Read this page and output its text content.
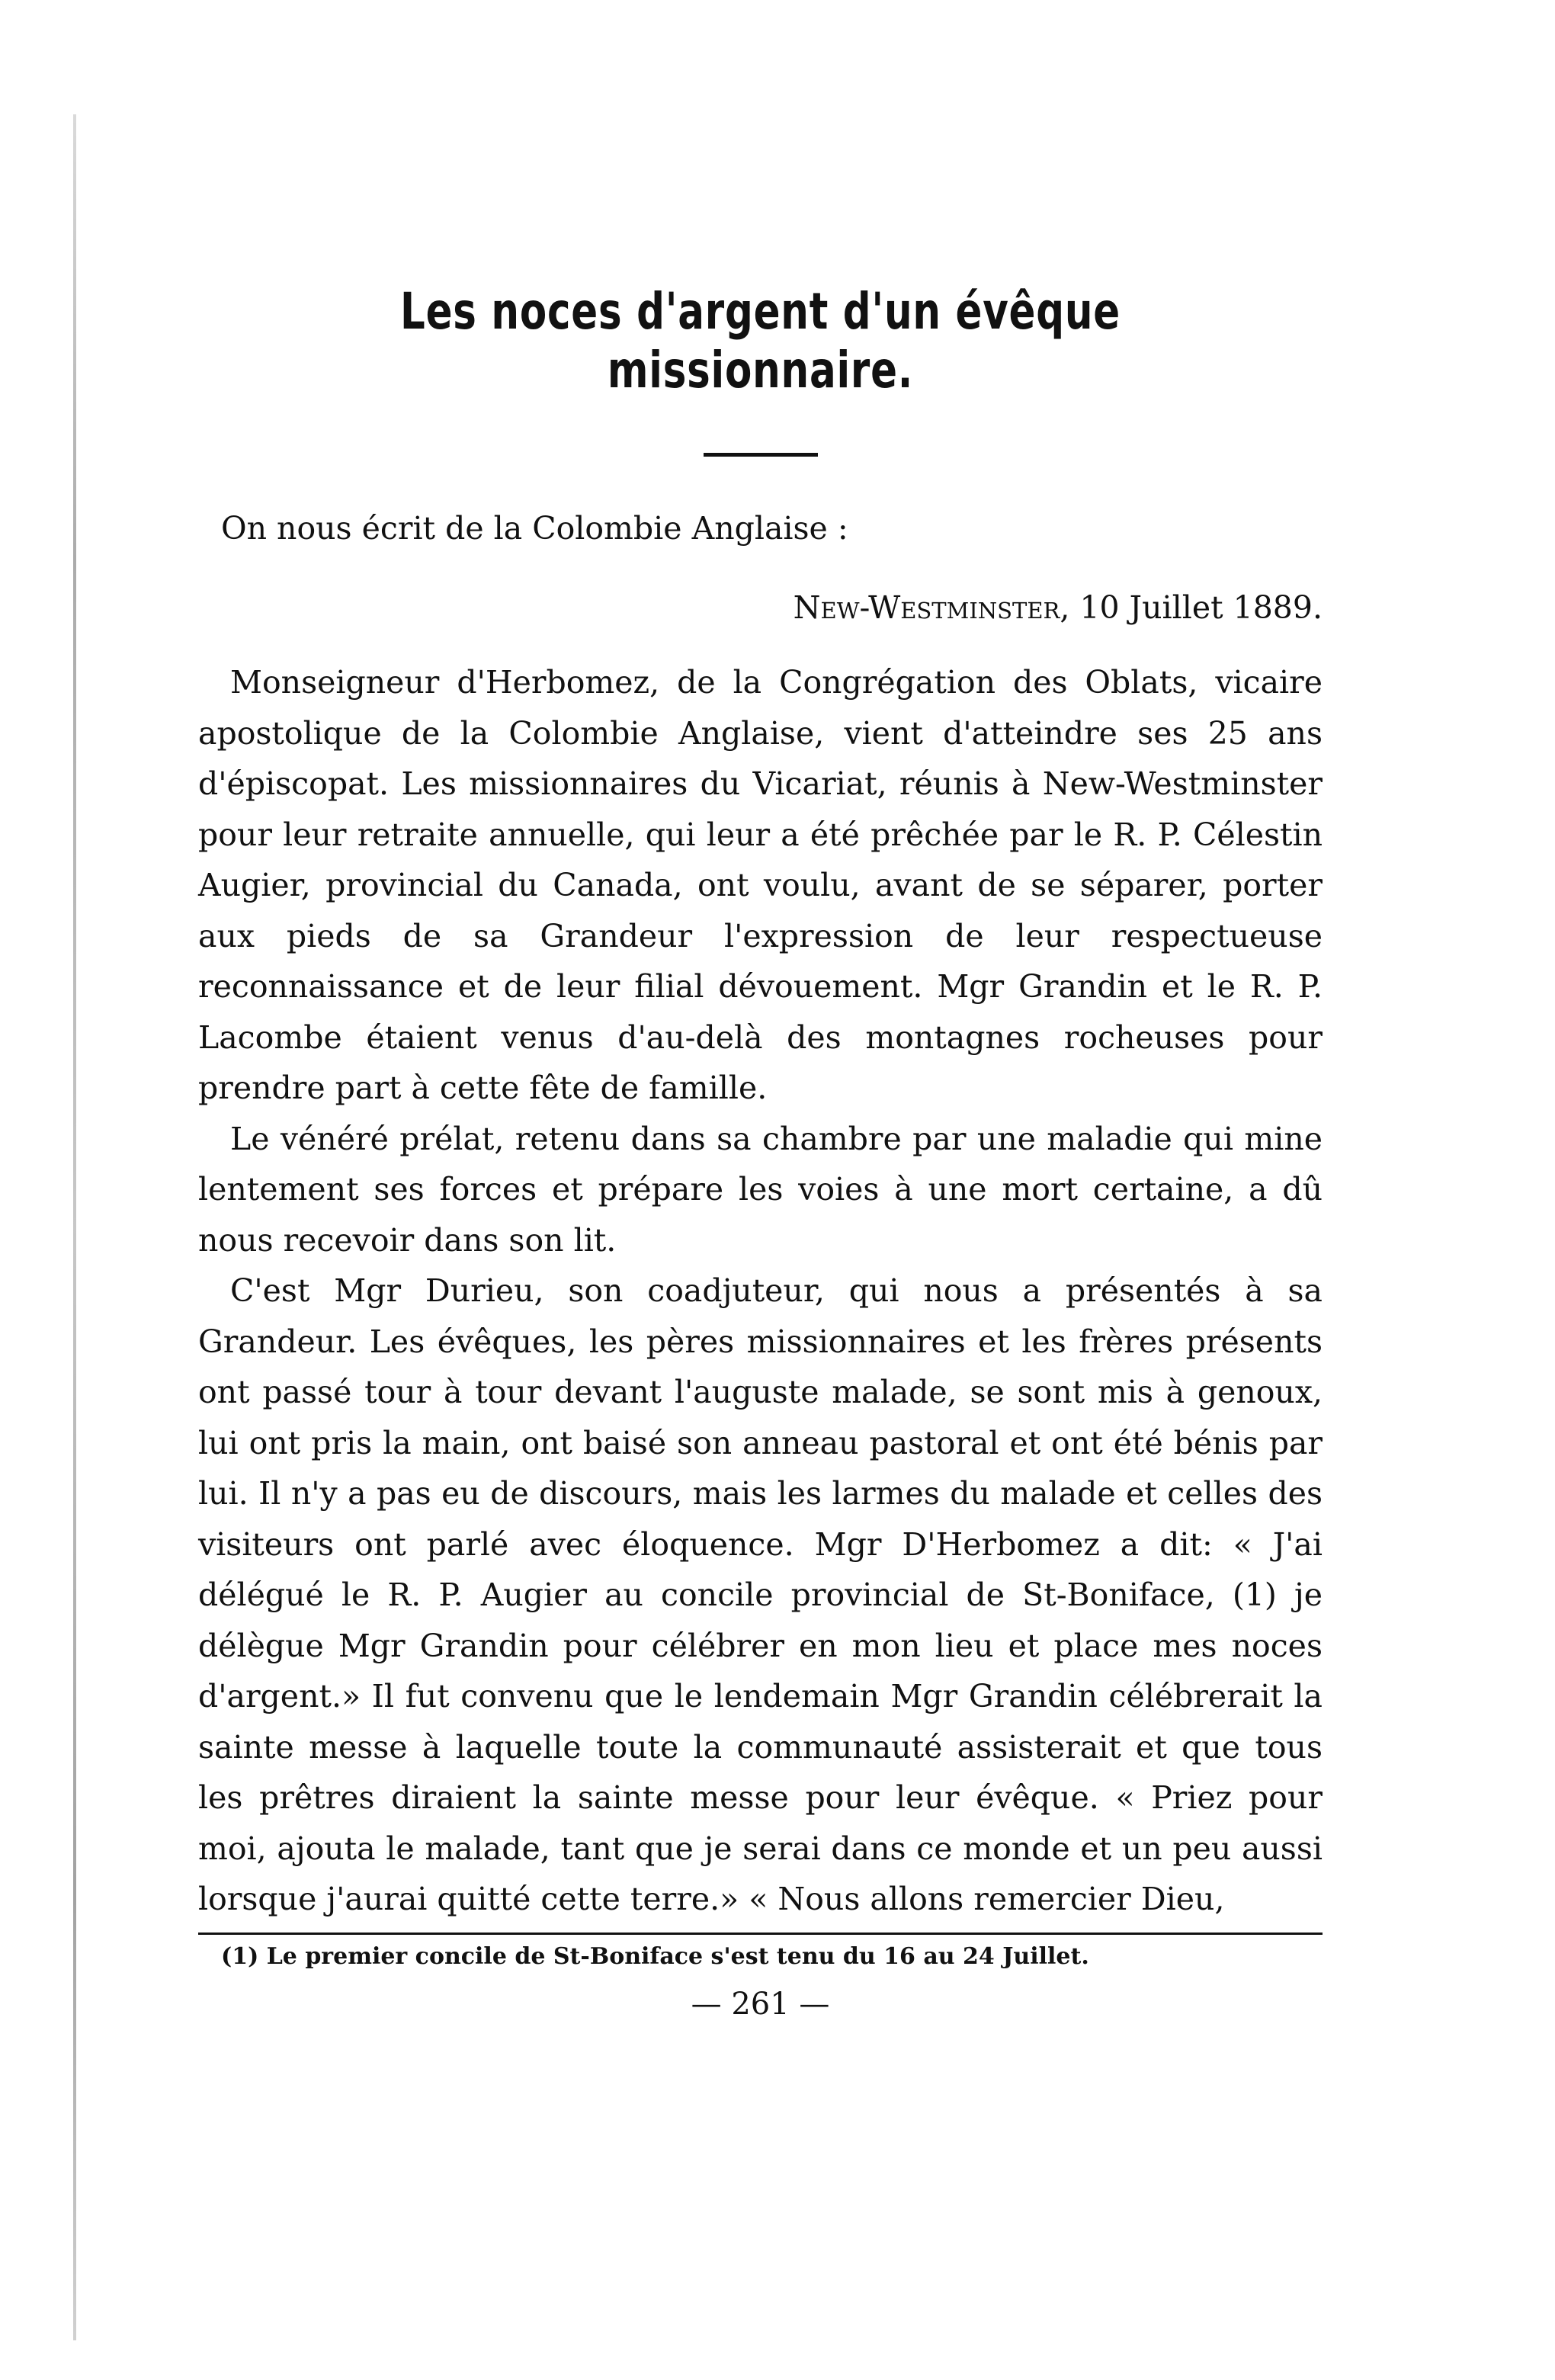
Les noces d'argent d'un évêque missionnaire.

On nous écrit de la Colombie Anglaise :

New-Westminster, 10 Juillet 1889.

Monseigneur d'Herbomez, de la Congrégation des Oblats, vicaire apostolique de la Colombie Anglaise, vient d'atteindre ses 25 ans d'épiscopat. Les missionnaires du Vicariat, réunis à New-Westminster pour leur retraite annuelle, qui leur a été prêchée par le R. P. Célestin Augier, provincial du Canada, ont voulu, avant de se séparer, porter aux pieds de sa Grandeur l'expression de leur respectueuse reconnaissance et de leur filial dévouement. Mgr Grandin et le R. P. Lacombe étaient venus d'au-delà des montagnes rocheuses pour prendre part à cette fête de famille.

Le vénéré prélat, retenu dans sa chambre par une maladie qui mine lentement ses forces et prépare les voies à une mort certaine, a dû nous recevoir dans son lit.

C'est Mgr Durieu, son coadjuteur, qui nous a présentés à sa Grandeur. Les évêques, les pères missionnaires et les frères présents ont passé tour à tour devant l'auguste malade, se sont mis à genoux, lui ont pris la main, ont baisé son anneau pastoral et ont été bénis par lui. Il n'y a pas eu de discours, mais les larmes du malade et celles des visiteurs ont parlé avec éloquence. Mgr D'Herbomez a dit: « J'ai délégué le R. P. Augier au concile provincial de St-Boniface, (1) je délègue Mgr Grandin pour célébrer en mon lieu et place mes noces d'argent.» Il fut convenu que le lendemain Mgr Grandin célébrerait la sainte messe à laquelle toute la communauté assisterait et que tous les prêtres diraient la sainte messe pour leur évêque. « Priez pour moi, ajouta le malade, tant que je serai dans ce monde et un peu aussi lorsque j'aurai quitté cette terre.» « Nous allons remercier Dieu,

(1) Le premier concile de St-Boniface s'est tenu du 16 au 24 Juillet.

— 261 —
